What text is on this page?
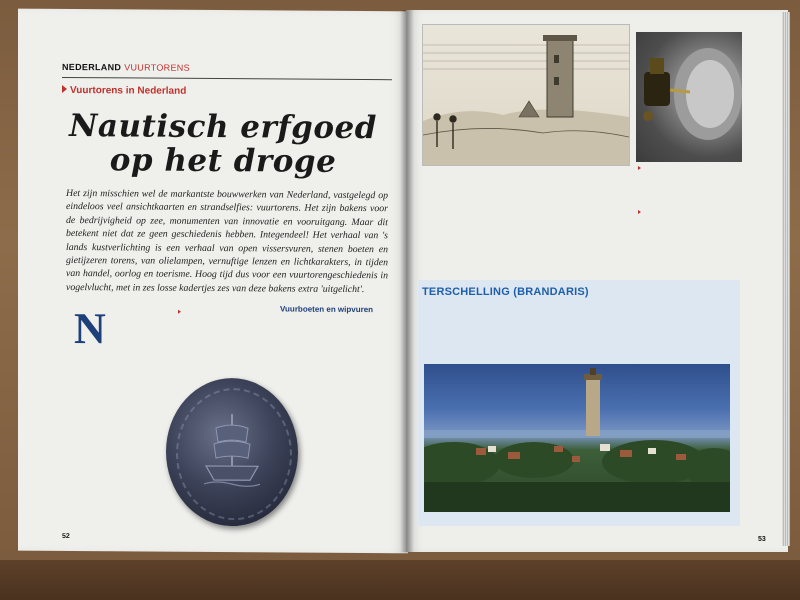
NEDERLAND VUURTORENS
Vuurtorens in Nederland
Nautisch erfgoed op het droge
Het zijn misschien wel de markantste bouwwerken van Nederland, vastgelegd op eindeloos veel ansichtkaarten en strandselfies: vuurtorens. Het zijn bakens voor de bedrijvigheid op zee, monumenten van innovatie en vooruitgang. Maar dit betekent niet dat ze geen geschiedenis hebben. Integendeel! Het verhaal van 's lands kustverlichting is een verhaal van open vissersvuren, stenen boeten en gietijzeren torens, van olielampen, vernuftige lenzen en lichtkarakters, in tijden van handel, oorlog en toerisme. Hoog tijd dus voor een vuurtorengeschiedenis in vogelvlucht, met in zes losse kadertjes zes van deze bakens extra 'uitgelicht'.
N	Vuurboeten en wipvuren
52
TERSCHELLING (BRANDARIS)
53
